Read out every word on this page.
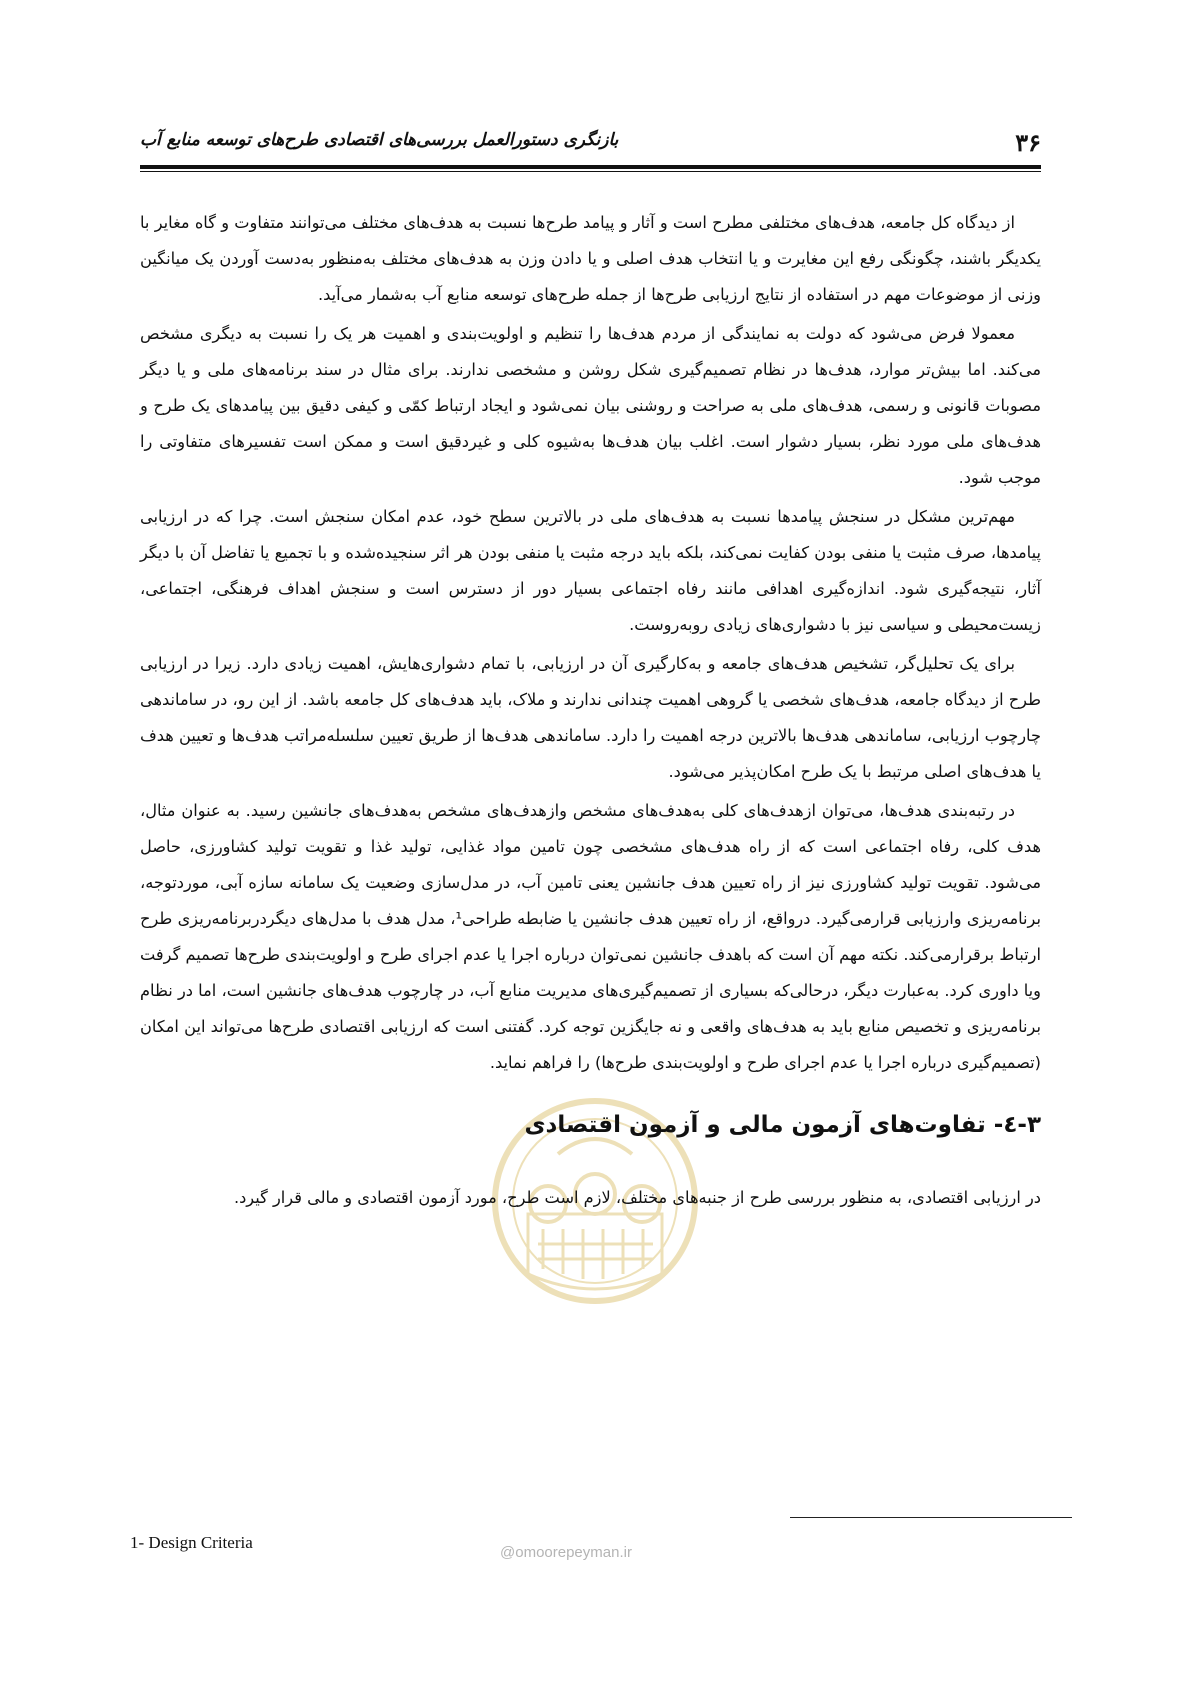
۳۶
بازنگری دستورالعمل بررسی‌های اقتصادی طرح‌های توسعه منابع آب

از دیدگاه کل جامعه، هدف‌های مختلفی مطرح است و آثار و پیامد طرح‌ها نسبت به هدف‌های مختلف می‌توانند متفاوت و گاه مغایر با یکدیگر باشند، چگونگی رفع این مغایرت و یا انتخاب هدف اصلی و یا دادن وزن به هدف‌های مختلف به‌منظور به‌دست آوردن یک میانگین وزنی از موضوعات مهم در استفاده از نتایج ارزیابی طرح‌ها از جمله طرح‌های توسعه منابع آب به‌شمار می‌آید.

معمولا فرض می‌شود که دولت به نمایندگی از مردم هدف‌ها را تنظیم و اولویت‌بندی و اهمیت هر یک را نسبت به دیگری مشخص می‌کند. اما بیش‌تر موارد، هدف‌ها در نظام تصمیم‌گیری شکل روشن و مشخصی ندارند. برای مثال در سند برنامه‌های ملی و یا دیگر مصوبات قانونی و رسمی، هدف‌های ملی به صراحت و روشنی بیان نمی‌شود و ایجاد ارتباط کمّی و کیفی دقیق بین پیامدهای یک طرح و هدف‌های ملی مورد نظر، بسیار دشوار است. اغلب بیان هدف‌ها به‌شیوه کلی و غیردقیق است و ممکن است تفسیرهای متفاوتی را موجب شود.

مهم‌ترین مشکل در سنجش پیامدها نسبت به هدف‌های ملی در بالاترین سطح خود، عدم امکان سنجش است. چرا که در ارزیابی پیامدها، صرف مثبت یا منفی بودن کفایت نمی‌کند، بلکه باید درجه مثبت یا منفی بودن هر اثر سنجیده‌شده و با تجمیع یا تفاضل آن با دیگر آثار، نتیجه‌گیری شود. اندازه‌گیری اهدافی مانند رفاه اجتماعی بسیار دور از دسترس است و سنجش اهداف فرهنگی، اجتماعی، زیست‌محیطی و سیاسی نیز با دشواری‌های زیادی روبه‌روست.

برای یک تحلیل‌گر، تشخیص هدف‌های جامعه و به‌کارگیری آن در ارزیابی، با تمام دشواری‌هایش، اهمیت زیادی دارد. زیرا در ارزیابی طرح از دیدگاه جامعه، هدف‌های شخصی یا گروهی اهمیت چندانی ندارند و ملاک، باید هدف‌های کل جامعه باشد. از این رو، در ساماندهی چارچوب ارزیابی، ساماندهی هدف‌ها بالاترین درجه اهمیت را دارد. ساماندهی هدف‌ها از طریق تعیین سلسله‌مراتب هدف‌ها و تعیین هدف یا هدف‌های اصلی مرتبط با یک طرح امکان‌پذیر می‌شود.

در رتبه‌بندی هدف‌ها، می‌توان ازهدف‌های کلی به‌هدف‌های مشخص وازهدف‌های مشخص به‌هدف‌های جانشین رسید. به عنوان مثال، هدف کلی، رفاه اجتماعی است که از راه هدف‌های مشخصی چون تامین مواد غذایی، تولید غذا و تقویت تولید کشاورزی، حاصل می‌شود. تقویت تولید کشاورزی نیز از راه تعیین هدف جانشین یعنی تامین آب، در مدل‌سازی وضعیت یک سامانه سازه آبی، موردتوجه، برنامه‌ریزی وارزیابی قرارمی‌گیرد. درواقع، از راه تعیین هدف جانشین یا ضابطه طراحی¹، مدل هدف با مدل‌های دیگردربرنامه‌ریزی طرح ارتباط برقرارمی‌کند. نکته مهم آن است که باهدف جانشین نمی‌توان درباره اجرا یا عدم اجرای طرح و اولویت‌بندی طرح‌ها تصمیم گرفت ویا داوری کرد. به‌عبارت دیگر، درحالی‌که بسیاری از تصمیم‌گیری‌های مدیریت منابع آب، در چارچوب هدف‌های جانشین است، اما در نظام برنامه‌ریزی و تخصیص منابع باید به هدف‌های واقعی و نه جایگزین توجه کرد. گفتنی است که ارزیابی اقتصادی طرح‌ها می‌تواند این امکان (تصمیم‌گیری درباره اجرا یا عدم اجرای طرح و اولویت‌بندی طرح‌ها) را فراهم نماید.

۳-٤- تفاوت‌های آزمون مالی و آزمون اقتصادی
در ارزیابی اقتصادی، به منظور بررسی طرح از جنبه‌های مختلف، لازم است طرح، مورد آزمون اقتصادی و مالی قرار گیرد.
1- Design Criteria
@omoorepeyman.ir
